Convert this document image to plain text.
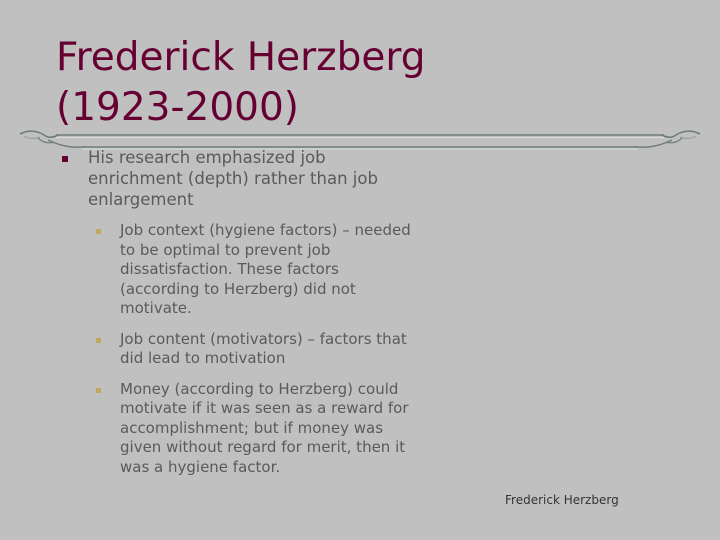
Frederick Herzberg
(1923-2000)
His research emphasized job enrichment (depth) rather than job enlargement
Job context (hygiene factors) – needed to be optimal to prevent job dissatisfaction. These factors (according to Herzberg) did not motivate.
Job content (motivators) – factors that did lead to motivation
Money (according to Herzberg) could motivate if it was seen as a reward for accomplishment; but if money was given without regard for merit, then it was a hygiene factor.
Frederick Herzberg
